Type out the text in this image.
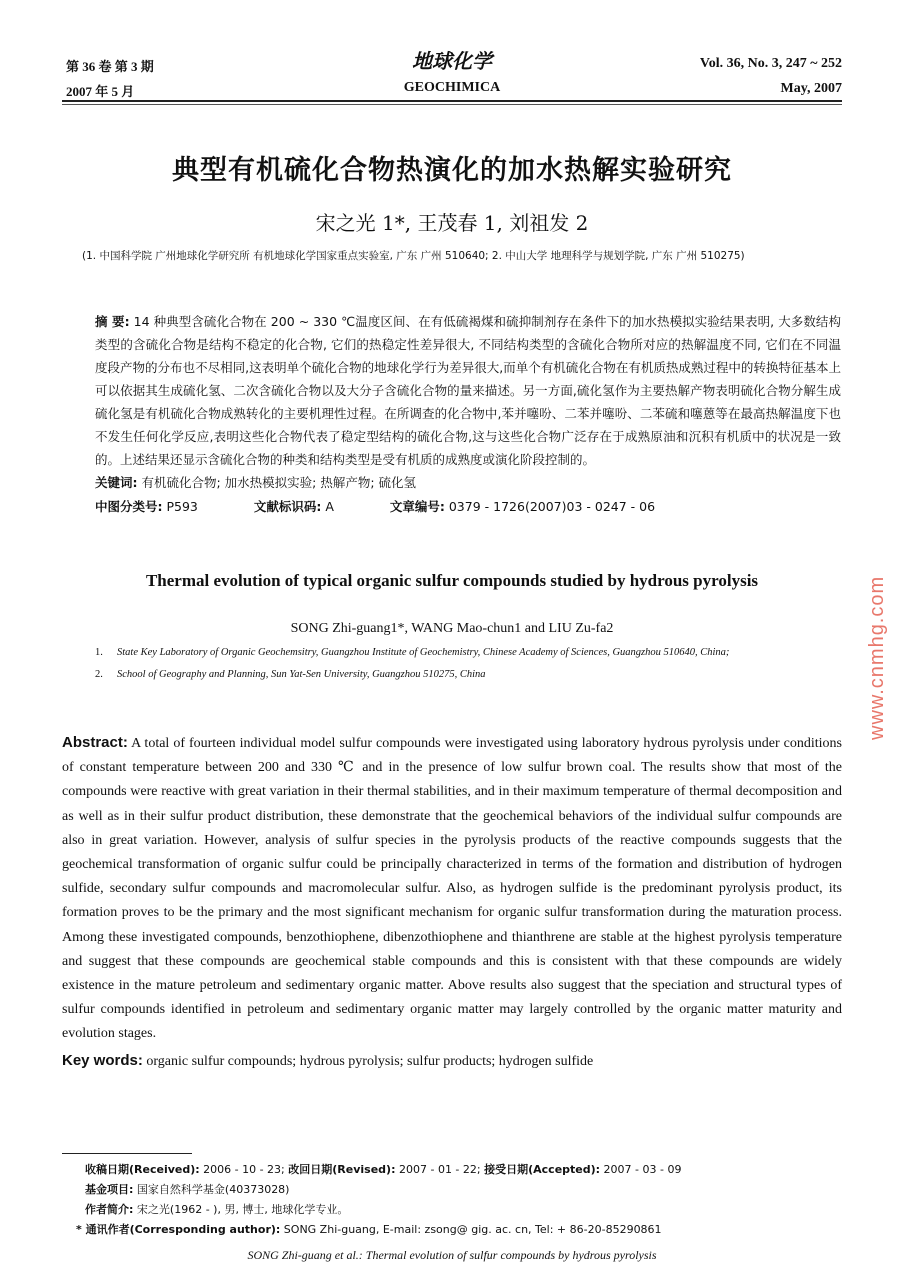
第 36 卷 第 3 期
2007 年 5 月
地球化学
GEOCHIMICA
Vol. 36, No. 3, 247 ~ 252
May, 2007
典型有机硫化合物热演化的加水热解实验研究
宋之光 1*, 王茂春 1, 刘祖发 2
(1. 中国科学院 广州地球化学研究所 有机地球化学国家重点实验室, 广东 广州 510640; 2. 中山大学 地理科学与规划学院, 广东 广州 510275)
摘 要: 14 种典型含硫化合物在 200 ~ 330 ℃温度区间、在有低硫褐煤和硫抑制剂存在条件下的加水热模拟实验结果表明, 大多数结构类型的含硫化合物是结构不稳定的化合物, 它们的热稳定性差异很大, 不同结构类型的含硫化合物所对应的热解温度不同, 它们在不同温度段产物的分布也不尽相同,这表明单个硫化合物的地球化学行为差异很大,而单个有机硫化合物在有机质热成熟过程中的转换特征基本上可以依据其生成硫化氢、二次含硫化合物以及大分子含硫化合物的量来描述。另一方面,硫化氢作为主要热解产物表明硫化合物分解生成硫化氢是有机硫化合物成熟转化的主要机理性过程。在所调查的化合物中,苯并噻吩、二苯并噻吩、二苯硫和噻蒽等在最高热解温度下也不发生任何化学反应,表明这些化合物代表了稳定型结构的硫化合物,这与这些化合物广泛存在于成熟原油和沉积有机质中的状况是一致的。上述结果还显示含硫化合物的种类和结构类型是受有机质的成熟度或演化阶段控制的。
关键词: 有机硫化合物; 加水热模拟实验; 热解产物; 硫化氢
中图分类号: P593	文献标识码: A	文章编号: 0379 - 1726(2007)03 - 0247 - 06
Thermal evolution of typical organic sulfur compounds studied by hydrous pyrolysis
SONG Zhi-guang1*, WANG Mao-chun1 and LIU Zu-fa2
1. State Key Laboratory of Organic Geochemsitry, Guangzhou Institute of Geochemistry, Chinese Academy of Sciences, Guangzhou 510640, China;
2. School of Geography and Planning, Sun Yat-Sen University, Guangzhou 510275, China
Abstract: A total of fourteen individual model sulfur compounds were investigated using laboratory hydrous pyrolysis under conditions of constant temperature between 200 and 330 ℃ and in the presence of low sulfur brown coal. The results show that most of the compounds were reactive with great variation in their thermal stabilities, and in their maximum temperature of thermal decomposition and as well as in their sulfur product distribution, these demonstrate that the geochemical behaviors of the individual sulfur compounds are also in great variation. However, analysis of sulfur species in the pyrolysis products of the reactive compounds suggests that the geochemical transformation of organic sulfur could be principally characterized in terms of the formation and distribution of hydrogen sulfide, secondary sulfur compounds and macromolecular sulfur. Also, as hydrogen sulfide is the predominant pyrolysis product, its formation proves to be the primary and the most significant mechanism for organic sulfur transformation during the maturation process. Among these investigated compounds, benzothiophene, dibenzothiophene and thianthrene are stable at the highest pyrolysis temperature and suggest that these compounds are geochemical stable compounds and this is consistent with that these compounds are widely existence in the mature petroleum and sedimentary organic matter. Above results also suggest that the speciation and structural types of sulfur compounds identified in petroleum and sedimentary organic matter may largely controlled by the organic matter maturity and evolution stages.
Key words: organic sulfur compounds; hydrous pyrolysis; sulfur products; hydrogen sulfide
收稿日期(Received): 2006 - 10 - 23; 改回日期(Revised): 2007 - 01 - 22; 接受日期(Accepted): 2007 - 03 - 09
基金项目: 国家自然科学基金(40373028)
作者简介: 宋之光(1962 - ), 男, 博士, 地球化学专业。
* 通讯作者(Corresponding author): SONG Zhi-guang, E-mail: zsong@ gig. ac. cn, Tel: + 86-20-85290861
SONG Zhi-guang et al.: Thermal evolution of sulfur compounds by hydrous pyrolysis
www.cnmhg.com
